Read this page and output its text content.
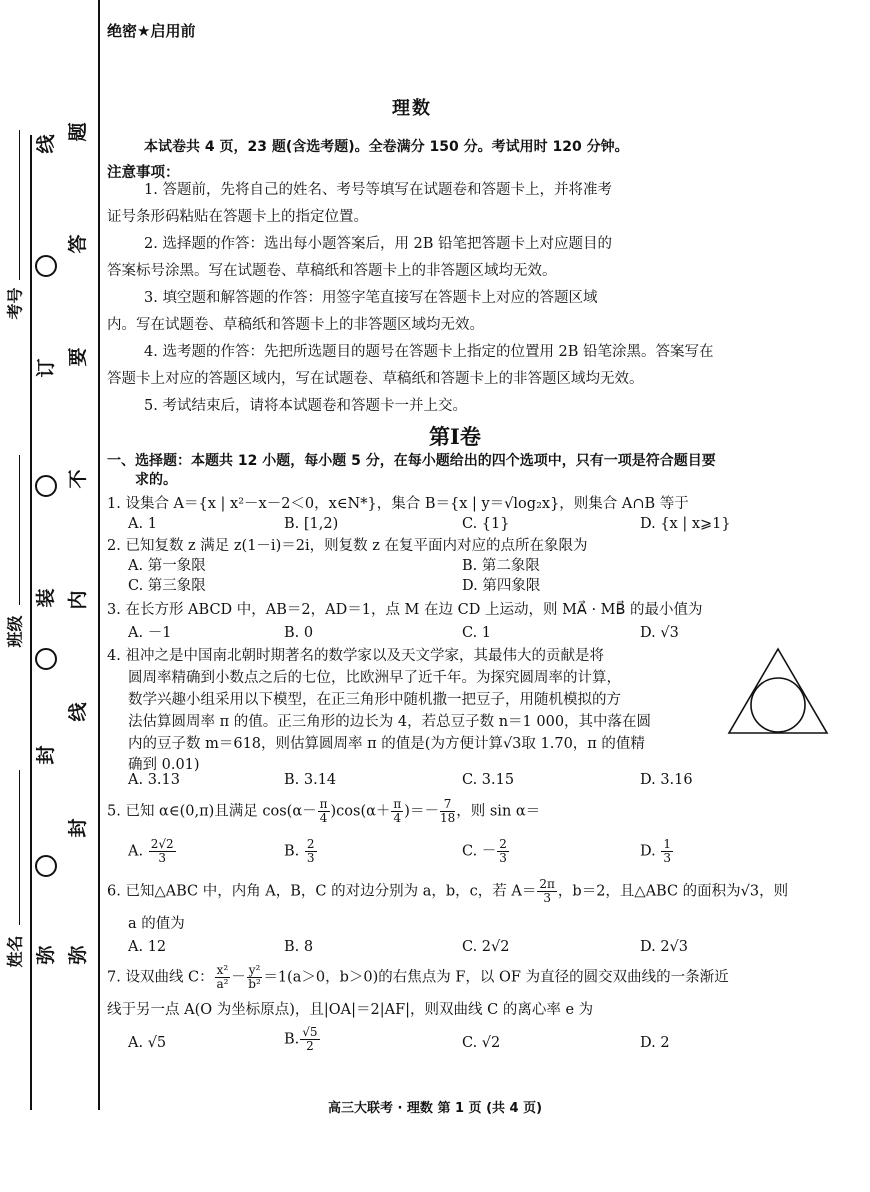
绝密★启用前
线
订
装
封
弥
题
答
要
不
内
线
封
弥
考号
班级
姓名
理数
本试卷共 4 页，23 题(含选考题)。全卷满分 150 分。考试用时 120 分钟。
注意事项：
1. 答题前，先将自己的姓名、考号等填写在试题卷和答题卡上，并将准考
证号条形码粘贴在答题卡上的指定位置。
2. 选择题的作答：选出每小题答案后，用 2B 铅笔把答题卡上对应题目的
答案标号涂黑。写在试题卷、草稿纸和答题卡上的非答题区域均无效。
3. 填空题和解答题的作答：用签字笔直接写在答题卡上对应的答题区域
内。写在试题卷、草稿纸和答题卡上的非答题区域均无效。
4. 选考题的作答：先把所选题目的题号在答题卡上指定的位置用 2B 铅笔涂黑。答案写在
答题卡上对应的答题区域内，写在试题卷、草稿纸和答题卡上的非答题区域均无效。
5. 考试结束后，请将本试题卷和答题卡一并上交。
第Ⅰ卷
一、选择题：本题共 12 小题，每小题 5 分，在每小题给出的四个选项中，只有一项是符合题目要
求的。
1. 设集合 A＝{x | x²－x－2＜0，x∈N*}，集合 B＝{x | y＝√log₂x}，则集合 A∩B 等于
A. 1	B. [1,2)	C. {1}	D. {x | x⩾1}
2. 已知复数 z 满足 z(1－i)＝2i，则复数 z 在复平面内对应的点所在象限为
A. 第一象限	B. 第二象限
C. 第三象限	D. 第四象限
3. 在长方形 ABCD 中，AB＝2，AD＝1，点 M 在边 CD 上运动，则 MA⃗ · MB⃗ 的最小值为
A. －1	B. 0	C. 1	D. √3
4. 祖冲之是中国南北朝时期著名的数学家以及天文学家，其最伟大的贡献是将
圆周率精确到小数点之后的七位，比欧洲早了近千年。为探究圆周率的计算，
数学兴趣小组采用以下模型，在正三角形中随机撒一把豆子，用随机模拟的方
法估算圆周率 π 的值。正三角形的边长为 4，若总豆子数 n＝1 000，其中落在圆
内的豆子数 m＝618，则估算圆周率 π 的值是(为方便计算√3取 1.70，π 的值精
确到 0.01)
A. 3.13	B. 3.14	C. 3.15	D. 3.16
5. 已知 α∈(0,π)且满足 $\cos(\alpha- \frac{\pi}{4} )\cos(\alpha+ \frac{\pi}{4}$ )＝－ $\frac{7}{18}$ ，则 sin α＝
A. $\frac{2√2}{3}$	B. $\frac{2}{3}$	C. － $\frac{2}{3}$	D. $\frac{1}{3}$
6. 已知△ABC 中，内角 A，B，C 的对边分别为 a，b，c，若 $A= \frac{2\pi}{3}$ ，b＝2，且△ABC 的面积为√3，则
a 的值为
A. 12	B. 8	C. 2√2	D. 2√3
7. 设双曲线 C： $\frac{\text{x²}}{\text{a²}} - \frac{\text{y²}}{\text{b²}} =1(a>0$，b＞0)的右焦点为 F，以 OF 为直径的圆交双曲线的一条渐近
线于另一点 A(O 为坐标原点)，且|OA|＝2|AF|，则双曲线 C 的离心率 e 为
A. √5	B. $\frac{√5}{2}$	C. √2	D. 2
高三大联考 · 理数 第 1 页 (共 4 页)
